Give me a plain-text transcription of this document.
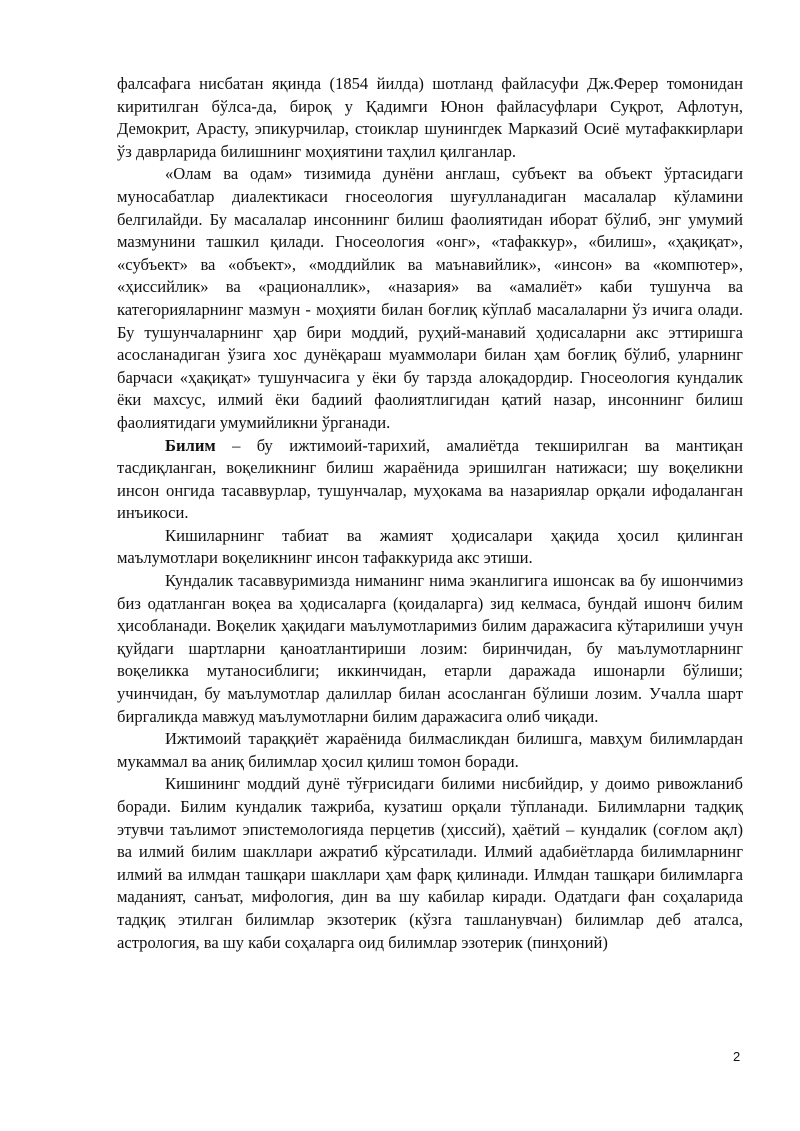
фалсафага нисбатан яқинда (1854 йилда) шотланд файласуфи Дж.Ферер томонидан киритилган бўлса-да, бироқ у Қадимги Юнон файласуфлари Суқрот, Афлотун, Демокрит, Арасту, эпикурчилар, стоиклар шунингдек Марказий Осиё мутафаккирлари ўз даврларида билишнинг моҳиятини таҳлил қилганлар.

«Олам ва одам» тизимида дунёни англаш, субъект ва объект ўртасидаги муносабатлар диалектикаси гносеология шуғулланадиган масалалар кўламини белгилайди. Бу масалалар инсоннинг билиш фаолиятидан иборат бўлиб, энг умумий мазмунини ташкил қилади. Гносеология «онг», «тафаккур», «билиш», «ҳақиқат», «субъект» ва «объект», «моддийлик ва маънавийлик», «инсон» ва «компютер», «ҳиссийлик» ва «рационаллик», «назария» ва «амалиёт» каби тушунча ва категорияларнинг мазмун - моҳияти билан боғлиқ кўплаб масалаларни ўз ичига олади. Бу тушунчаларнинг ҳар бири моддий, руҳий-манавий ҳодисаларни акс эттиришга асосланадиган ўзига хос дунёқараш муаммолари билан ҳам боғлиқ бўлиб, уларнинг барчаси «ҳақиқат» тушунчасига у ёки бу тарзда алоқадордир. Гносеология кундалик ёки махсус, илмий ёки бадиий фаолиятлигидан қатий назар, инсоннинг билиш фаолиятидаги умумийликни ўрганади.

Билим – бу ижтимоий-тарихий, амалиётда текширилган ва мантиқан тасдиқланган, воқеликнинг билиш жараёнида эришилган натижаси; шу воқеликни инсон онгида тасаввурлар, тушунчалар, муҳокама ва назариялар орқали ифодаланган инъикоси.

Кишиларнинг табиат ва жамият ҳодисалари ҳақида ҳосил қилинган маълумотлари воқеликнинг инсон тафаккурида акс этиши.

Кундалик тасаввуримизда ниманинг нима эканлигига ишонсак ва бу ишончимиз биз одатланган воқеа ва ҳодисаларга (қоидаларга) зид келмаса, бундай ишонч билим ҳисобланади. Воқелик ҳақидаги маълумотларимиз билим даражасига кўтарилиши учун қуйдаги шартларни қаноатлантириши лозим: биринчидан, бу маълумотларнинг воқеликка мутаносиблиги; иккинчидан, етарли даражада ишонарли бўлиши; учинчидан, бу маълумотлар далиллар билан асосланган бўлиши лозим. Учалла шарт биргаликда мавжуд маълумотларни билим даражасига олиб чиқади.

Ижтимоий тараққиёт жараёнида билмасликдан билишга, мавҳум билимлардан мукаммал ва аниқ билимлар ҳосил қилиш томон боради.

Кишининг моддий дунё тўғрисидаги билими нисбийдир, у доимо ривожланиб боради. Билим кундалик тажриба, кузатиш орқали тўпланади. Билимларни тадқиқ этувчи таълимот эпистемологияда перцетив (ҳиссий), ҳаётий – кундалик (соғлом ақл) ва илмий билим шакллари ажратиб кўрсатилади. Илмий адабиётларда билимларнинг илмий ва илмдан ташқари шакллари ҳам фарқ қилинади. Илмдан ташқари билимларга маданият, санъат, мифология, дин ва шу кабилар киради. Одатдаги фан соҳаларида тадқиқ этилган билимлар экзотерик (кўзга ташланувчан) билимлар деб аталса, астрология, ва шу каби соҳаларга оид билимлар эзотерик (пинҳоний)

2
